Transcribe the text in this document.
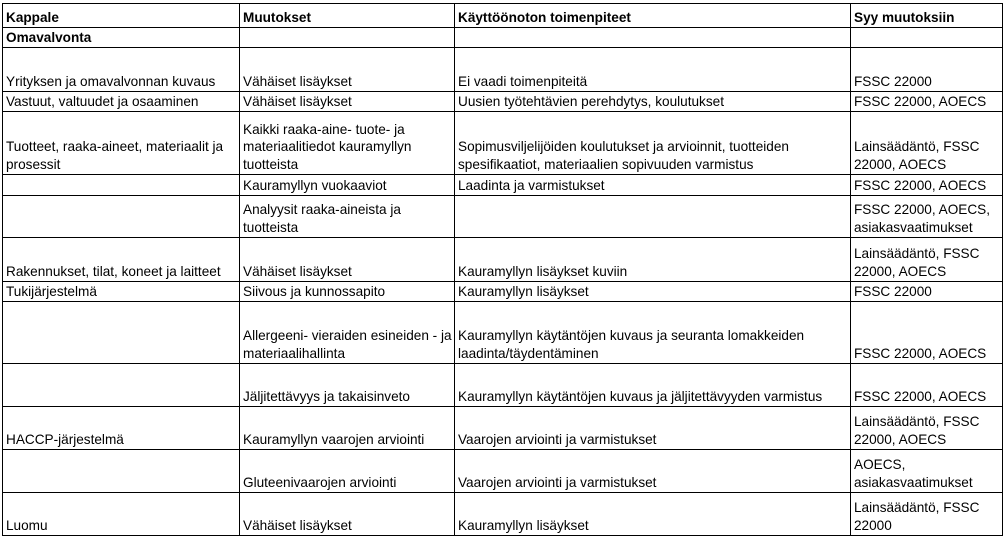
Kappale	Muutokset	Käyttöönoton toimenpiteet	Syy muutoksiin
Omavalvonta			
Yrityksen ja omavalvonnan kuvaus	Vähäiset lisäykset	Ei vaadi toimenpiteitä	FSSC 22000
Vastuut, valtuudet ja osaaminen	Vähäiset lisäykset	Uusien työtehtävien perehdytys, koulutukset	FSSC 22000, AOECS
Tuotteet, raaka-aineet, materiaalit ja prosessit	Kaikki raaka-aine- tuote- ja materiaalitiedot kauramyllyn tuotteista	Sopimusviljelijöiden koulutukset ja arvioinnit, tuotteiden spesifikaatiot, materiaalien sopivuuden varmistus	Lainsäädäntö, FSSC 22000, AOECS
	Kauramyllyn vuokaaviot	Laadinta ja varmistukset	FSSC 22000, AOECS
	Analyysit raaka-aineista ja tuotteista		FSSC 22000, AOECS, asiakasvaatimukset
Rakennukset, tilat, koneet ja laitteet	Vähäiset lisäykset	Kauramyllyn lisäykset kuviin	Lainsäädäntö, FSSC 22000, AOECS
Tukijärjestelmä	Siivous ja kunnossapito	Kauramyllyn lisäykset	FSSC 22000
	Allergeeni- vieraiden esineiden - ja materiaalihallinta	Kauramyllyn käytäntöjen kuvaus ja seuranta lomakkeiden laadinta/täydentäminen	FSSC 22000, AOECS
	Jäljitettävyys ja takaisinveto	Kauramyllyn käytäntöjen kuvaus ja jäljitettävyyden varmistus	FSSC 22000, AOECS
HACCP-järjestelmä	Kauramyllyn vaarojen arviointi	Vaarojen arviointi ja varmistukset	Lainsäädäntö, FSSC 22000, AOECS
	Gluteenivaarojen arviointi	Vaarojen arviointi ja varmistukset	AOECS, asiakasvaatimukset
Luomu	Vähäiset lisäykset	Kauramyllyn lisäykset	Lainsäädäntö, FSSC 22000
